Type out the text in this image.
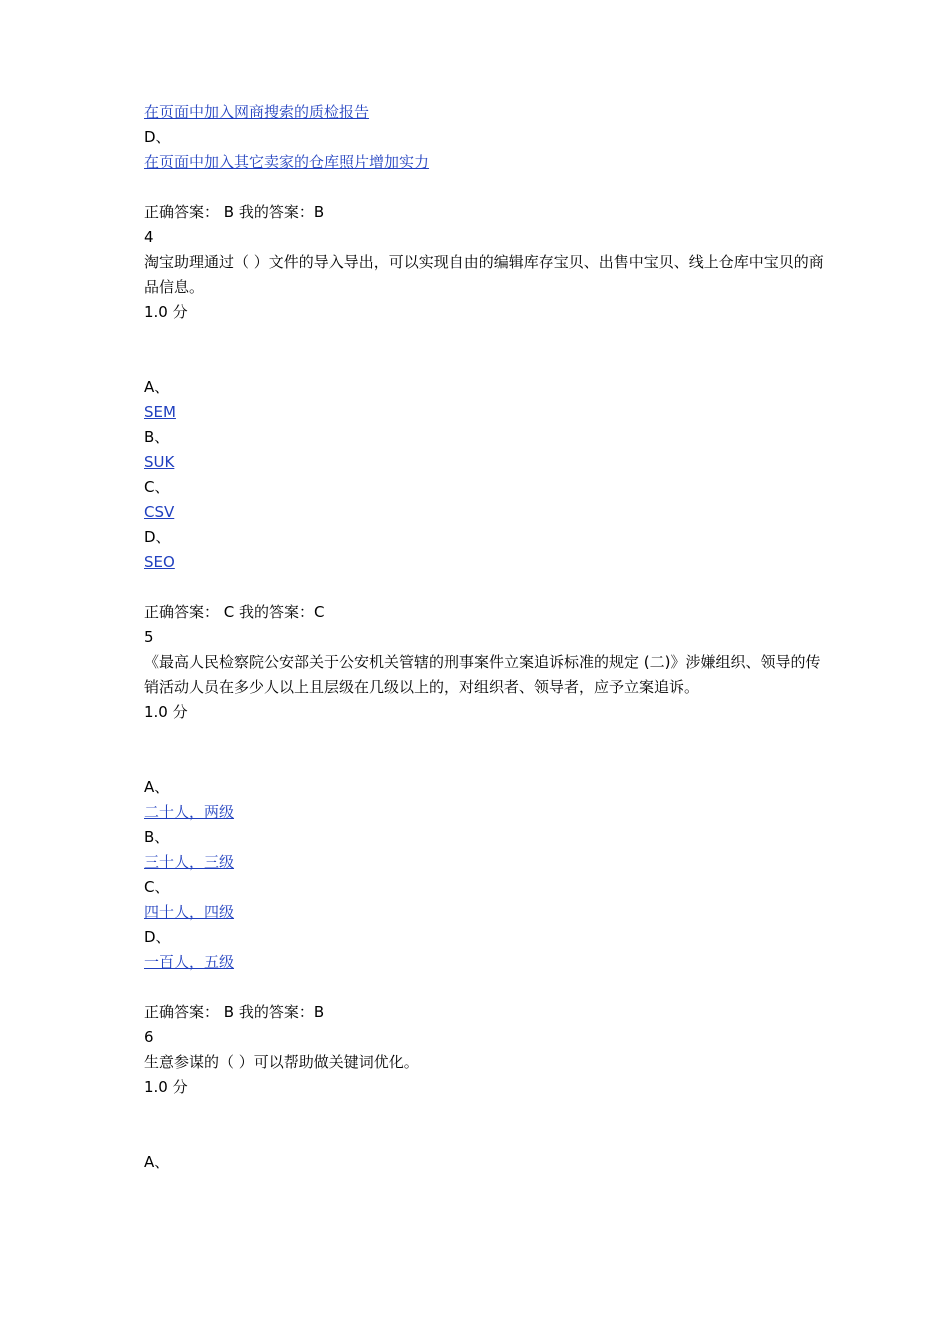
在页面中加入网商搜索的质检报告
D、
在页面中加入其它卖家的仓库照片增加实力
正确答案： B 我的答案：B
4
淘宝助理通过（ ）文件的导入导出，可以实现自由的编辑库存宝贝、出售中宝贝、线上仓库中宝贝的商品信息。
1.0 分
A、
SEM
B、
SUK
C、
CSV
D、
SEO
正确答案： C 我的答案：C
5
《最高人民检察院公安部关于公安机关管辖的刑事案件立案追诉标准的规定 (二)》涉嫌组织、领导的传销活动人员在多少人以上且层级在几级以上的，对组织者、领导者，应予立案追诉。
1.0 分
A、
二十人，两级
B、
三十人，三级
C、
四十人，四级
D、
一百人，五级
正确答案： B 我的答案：B
6
生意参谋的（ ）可以帮助做关键词优化。
1.0 分
A、
